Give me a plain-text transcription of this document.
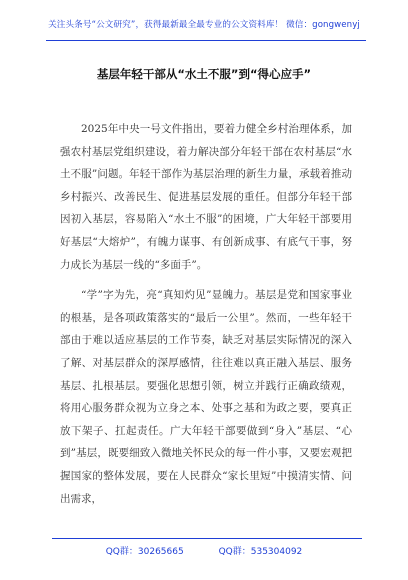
关注头条号“公文研究”，获得最新最全最专业的公文资料库！ 微信：gongwenyj
基层年轻干部从“水土不服”到“得心应手”

2025年中央一号文件指出，要着力健全乡村治理体系，加强农村基层党组织建设，着力解决部分年轻干部在农村基层“水土不服”问题。年轻干部作为基层治理的新生力量，承载着推动乡村振兴、改善民生、促进基层发展的重任。但部分年轻干部因初入基层，容易陷入“水土不服”的困境，广大年轻干部要用好基层“大熔炉”，有魄力谋事、有创新成事、有底气干事，努力成长为基层一线的“多面手”。

“学”字为先，亮“真知灼见”显魄力。基层是党和国家事业的根基，是各项政策落实的“最后一公里”。然而，一些年轻干部由于难以适应基层的工作节奏，缺乏对基层实际情况的深入了解、对基层群众的深厚感情，往往难以真正融入基层、服务基层、扎根基层。要强化思想引领，树立并践行正确政绩观，将用心服务群众视为立身之本、处事之基和为政之要，要真正放下架子、扛起责任。广大年轻干部要做到“身入”基层、“心到”基层，既要细致入微地关怀民众的每一件小事，又要宏观把握国家的整体发展，要在人民群众“家长里短”中摸清实情、问出需求，

QQ群：30265665	QQ群：535304092
